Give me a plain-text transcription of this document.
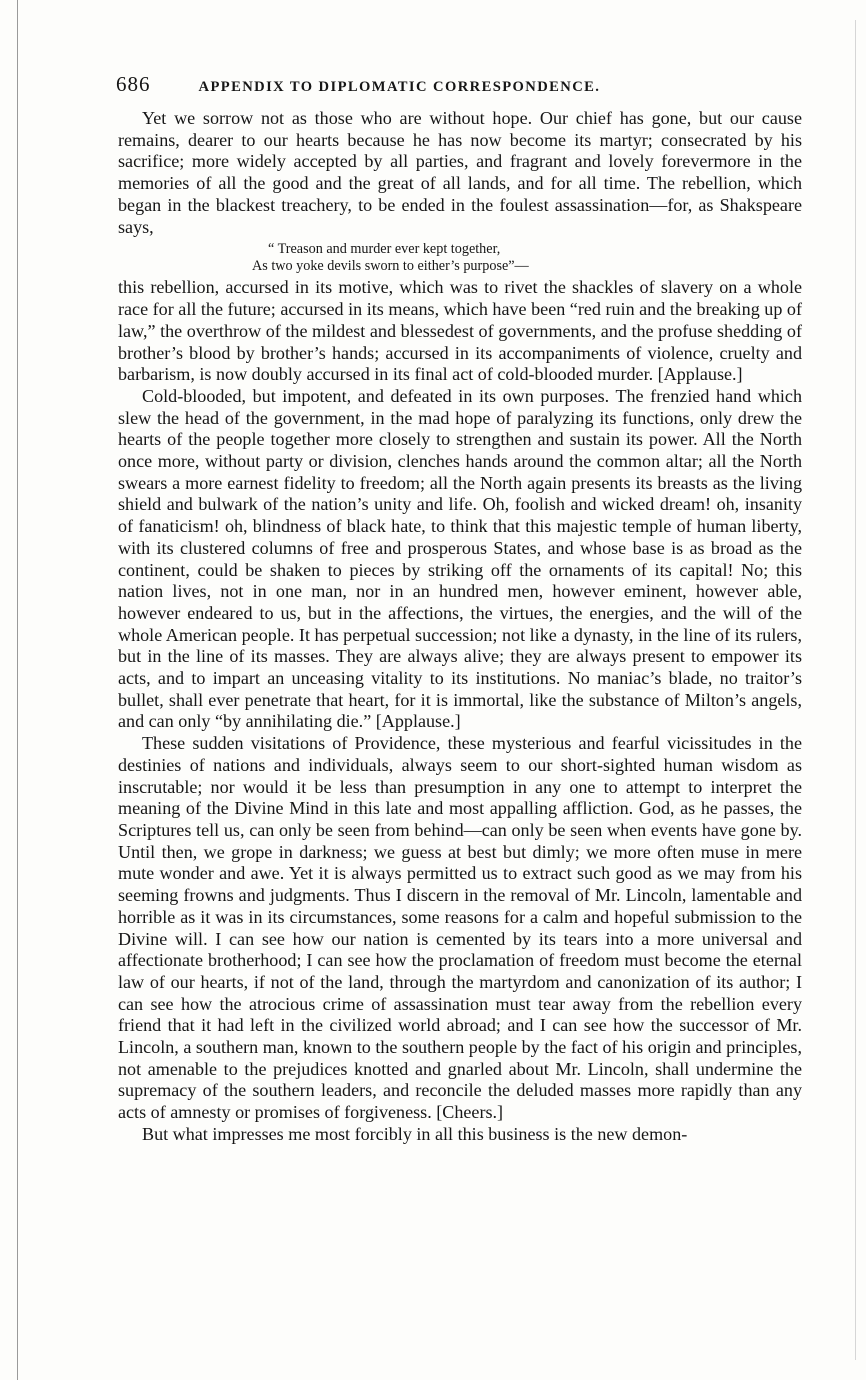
686	APPENDIX TO DIPLOMATIC CORRESPONDENCE.

Yet we sorrow not as those who are without hope. Our chief has gone, but our cause remains, dearer to our hearts because he has now become its martyr; consecrated by his sacrifice; more widely accepted by all parties, and fragrant and lovely forevermore in the memories of all the good and the great of all lands, and for all time. The rebellion, which began in the blackest treachery, to be ended in the foulest assassination—for, as Shakspeare says,

“ Treason and murder ever kept together,
As two yoke devils sworn to either’s purpose”—

this rebellion, accursed in its motive, which was to rivet the shackles of slavery on a whole race for all the future; accursed in its means, which have been “red ruin and the breaking up of law,” the overthrow of the mildest and blessedest of governments, and the profuse shedding of brother’s blood by brother’s hands; accursed in its accompaniments of violence, cruelty and barbarism, is now doubly accursed in its final act of cold-blooded murder. [Applause.]

Cold-blooded, but impotent, and defeated in its own purposes. The frenzied hand which slew the head of the government, in the mad hope of paralyzing its functions, only drew the hearts of the people together more closely to strengthen and sustain its power. All the North once more, without party or division, clenches hands around the common altar; all the North swears a more earnest fidelity to freedom; all the North again presents its breasts as the living shield and bulwark of the nation’s unity and life. Oh, foolish and wicked dream! oh, insanity of fanaticism! oh, blindness of black hate, to think that this majestic temple of human liberty, with its clustered columns of free and prosperous States, and whose base is as broad as the continent, could be shaken to pieces by striking off the ornaments of its capital! No; this nation lives, not in one man, nor in an hundred men, however eminent, however able, however endeared to us, but in the affections, the virtues, the energies, and the will of the whole American people. It has perpetual succession; not like a dynasty, in the line of its rulers, but in the line of its masses. They are always alive; they are always present to empower its acts, and to impart an unceasing vitality to its institutions. No maniac’s blade, no traitor’s bullet, shall ever penetrate that heart, for it is immortal, like the substance of Milton’s angels, and can only “by annihilating die.” [Applause.]

These sudden visitations of Providence, these mysterious and fearful vicissitudes in the destinies of nations and individuals, always seem to our short-sighted human wisdom as inscrutable; nor would it be less than presumption in any one to attempt to interpret the meaning of the Divine Mind in this late and most appalling affliction. God, as he passes, the Scriptures tell us, can only be seen from behind—can only be seen when events have gone by. Until then, we grope in darkness; we guess at best but dimly; we more often muse in mere mute wonder and awe. Yet it is always permitted us to extract such good as we may from his seeming frowns and judgments. Thus I discern in the removal of Mr. Lincoln, lamentable and horrible as it was in its circumstances, some reasons for a calm and hopeful submission to the Divine will. I can see how our nation is cemented by its tears into a more universal and affectionate brotherhood; I can see how the proclamation of freedom must become the eternal law of our hearts, if not of the land, through the martyrdom and canonization of its author; I can see how the atrocious crime of assassination must tear away from the rebellion every friend that it had left in the civilized world abroad; and I can see how the successor of Mr. Lincoln, a southern man, known to the southern people by the fact of his origin and principles, not amenable to the prejudices knotted and gnarled about Mr. Lincoln, shall undermine the supremacy of the southern leaders, and reconcile the deluded masses more rapidly than any acts of amnesty or promises of forgiveness. [Cheers.]

But what impresses me most forcibly in all this business is the new demon-
